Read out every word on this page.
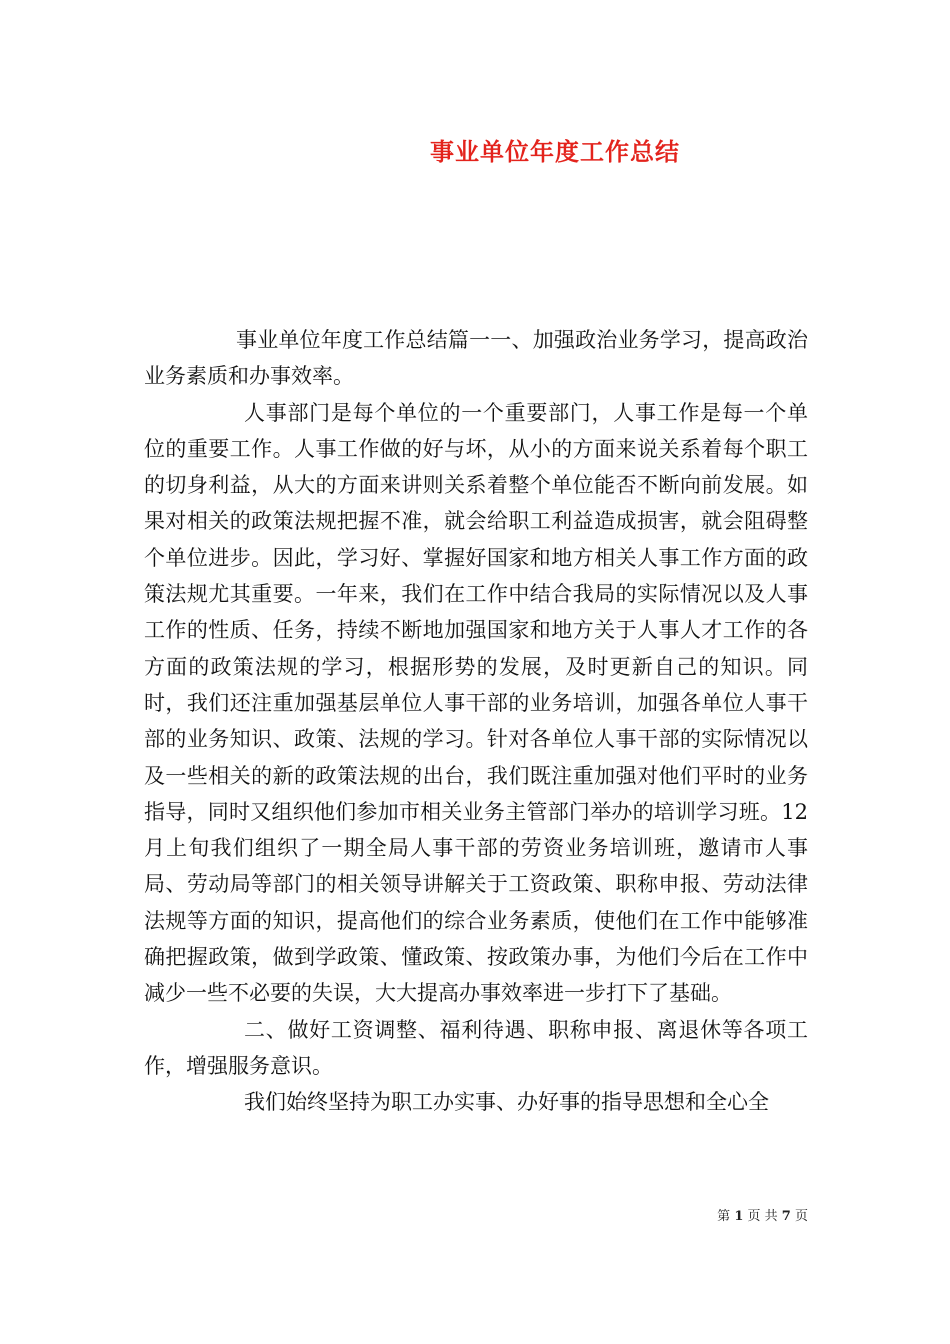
事业单位年度工作总结

事业单位年度工作总结篇一一、加强政治业务学习，提高政治业务素质和办事效率。

人事部门是每个单位的一个重要部门，人事工作是每一个单位的重要工作。人事工作做的好与坏，从小的方面来说关系着每个职工的切身利益，从大的方面来讲则关系着整个单位能否不断向前发展。如果对相关的政策法规把握不准，就会给职工利益造成损害，就会阻碍整个单位进步。因此，学习好、掌握好国家和地方相关人事工作方面的政策法规尤其重要。一年来，我们在工作中结合我局的实际情况以及人事工作的性质、任务，持续不断地加强国家和地方关于人事人才工作的各方面的政策法规的学习，根据形势的发展，及时更新自己的知识。同时，我们还注重加强基层单位人事干部的业务培训，加强各单位人事干部的业务知识、政策、法规的学习。针对各单位人事干部的实际情况以及一些相关的新的政策法规的出台，我们既注重加强对他们平时的业务指导，同时又组织他们参加市相关业务主管部门举办的培训学习班。12月上旬我们组织了一期全局人事干部的劳资业务培训班，邀请市人事局、劳动局等部门的相关领导讲解关于工资政策、职称申报、劳动法律法规等方面的知识，提高他们的综合业务素质，使他们在工作中能够准确把握政策，做到学政策、懂政策、按政策办事，为他们今后在工作中减少一些不必要的失误，大大提高办事效率进一步打下了基础。

二、做好工资调整、福利待遇、职称申报、离退休等各项工作，增强服务意识。

我们始终坚持为职工办实事、办好事的指导思想和全心全

第 1 页 共 7 页
